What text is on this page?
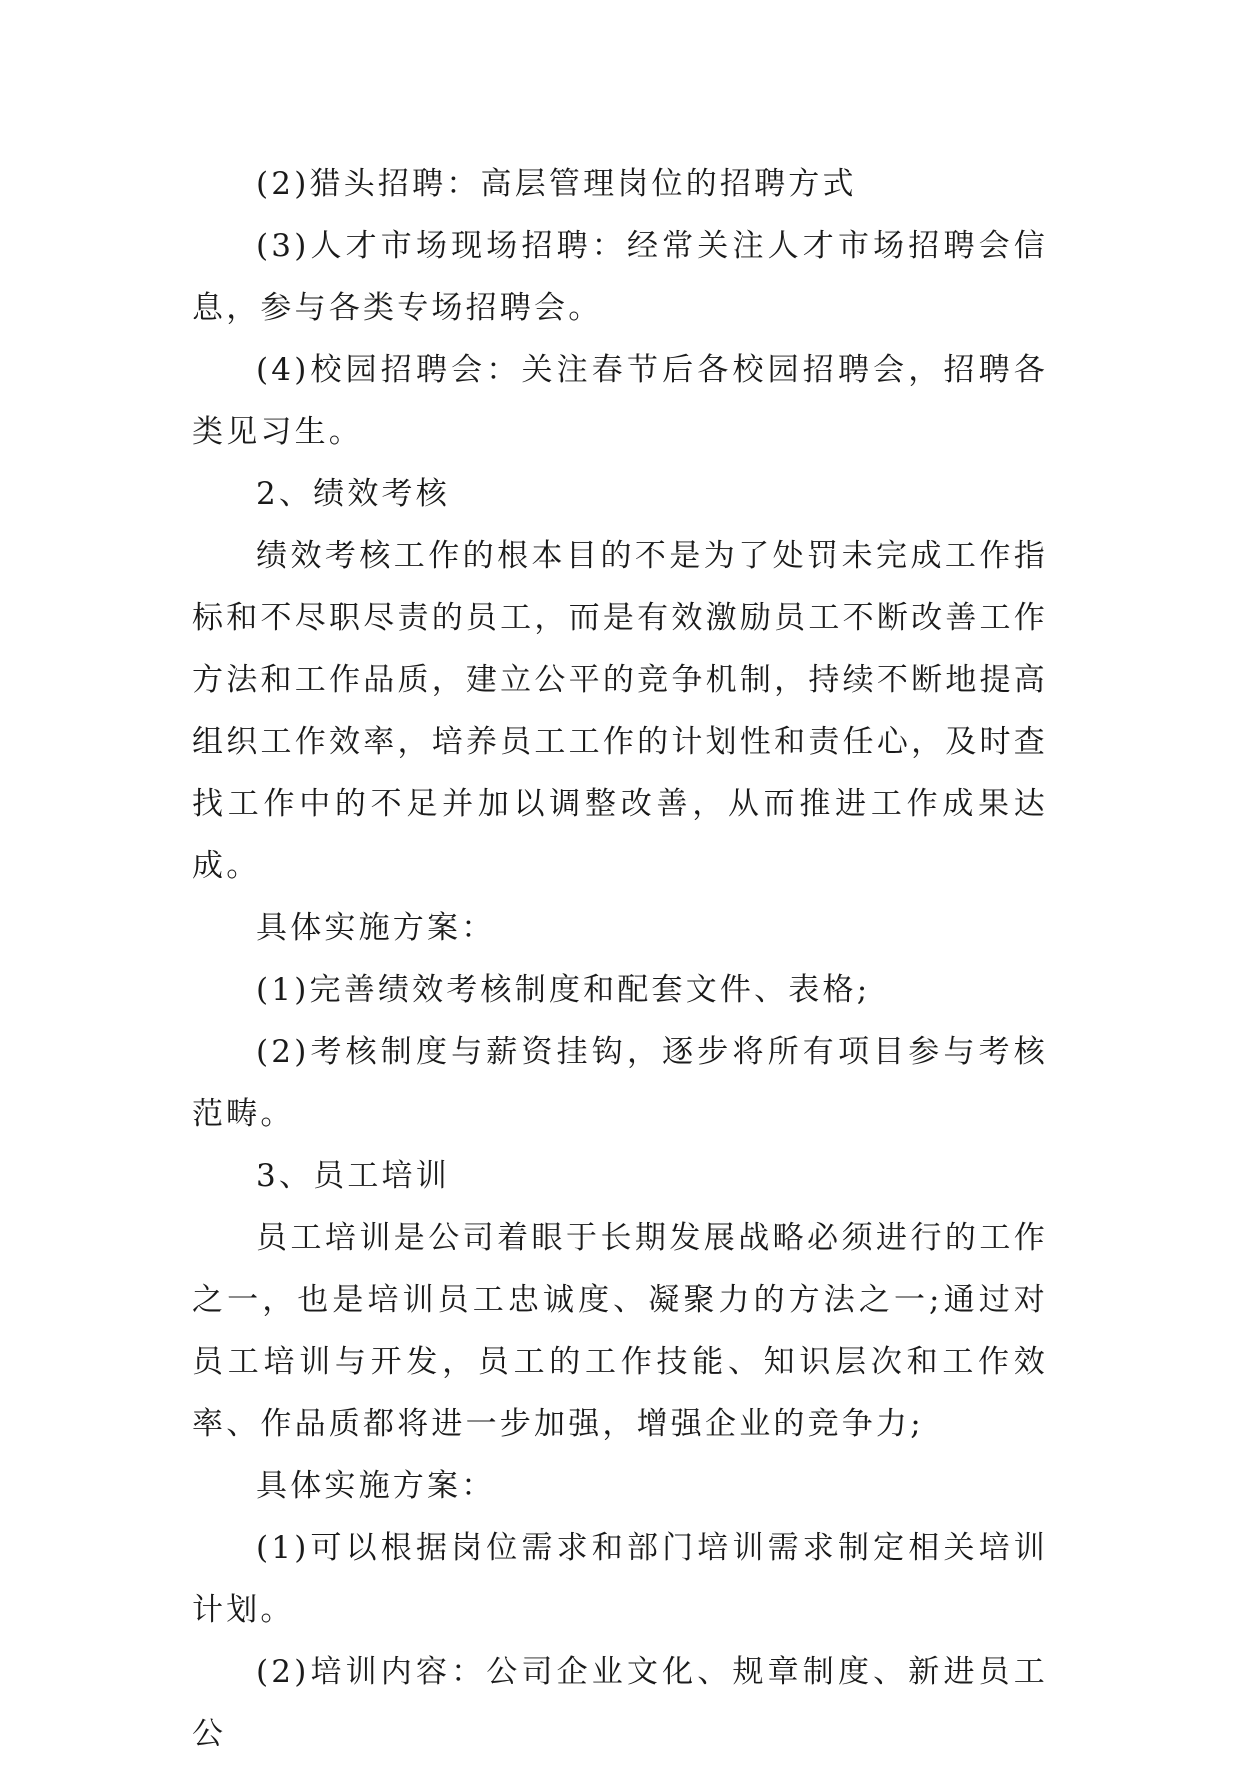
(2)猎头招聘：高层管理岗位的招聘方式

(3)人才市场现场招聘：经常关注人才市场招聘会信息，参与各类专场招聘会。

(4)校园招聘会：关注春节后各校园招聘会，招聘各类见习生。

2、绩效考核

绩效考核工作的根本目的不是为了处罚未完成工作指标和不尽职尽责的员工，而是有效激励员工不断改善工作方法和工作品质，建立公平的竞争机制，持续不断地提高组织工作效率，培养员工工作的计划性和责任心，及时查找工作中的不足并加以调整改善，从而推进工作成果达成。

具体实施方案：

(1)完善绩效考核制度和配套文件、表格;

(2)考核制度与薪资挂钩，逐步将所有项目参与考核范畴。

3、员工培训

员工培训是公司着眼于长期发展战略必须进行的工作之一，也是培训员工忠诚度、凝聚力的方法之一;通过对员工培训与开发，员工的工作技能、知识层次和工作效率、作品质都将进一步加强，增强企业的竞争力;

具体实施方案：

(1)可以根据岗位需求和部门培训需求制定相关培训计划。

(2)培训内容：公司企业文化、规章制度、新进员工公
